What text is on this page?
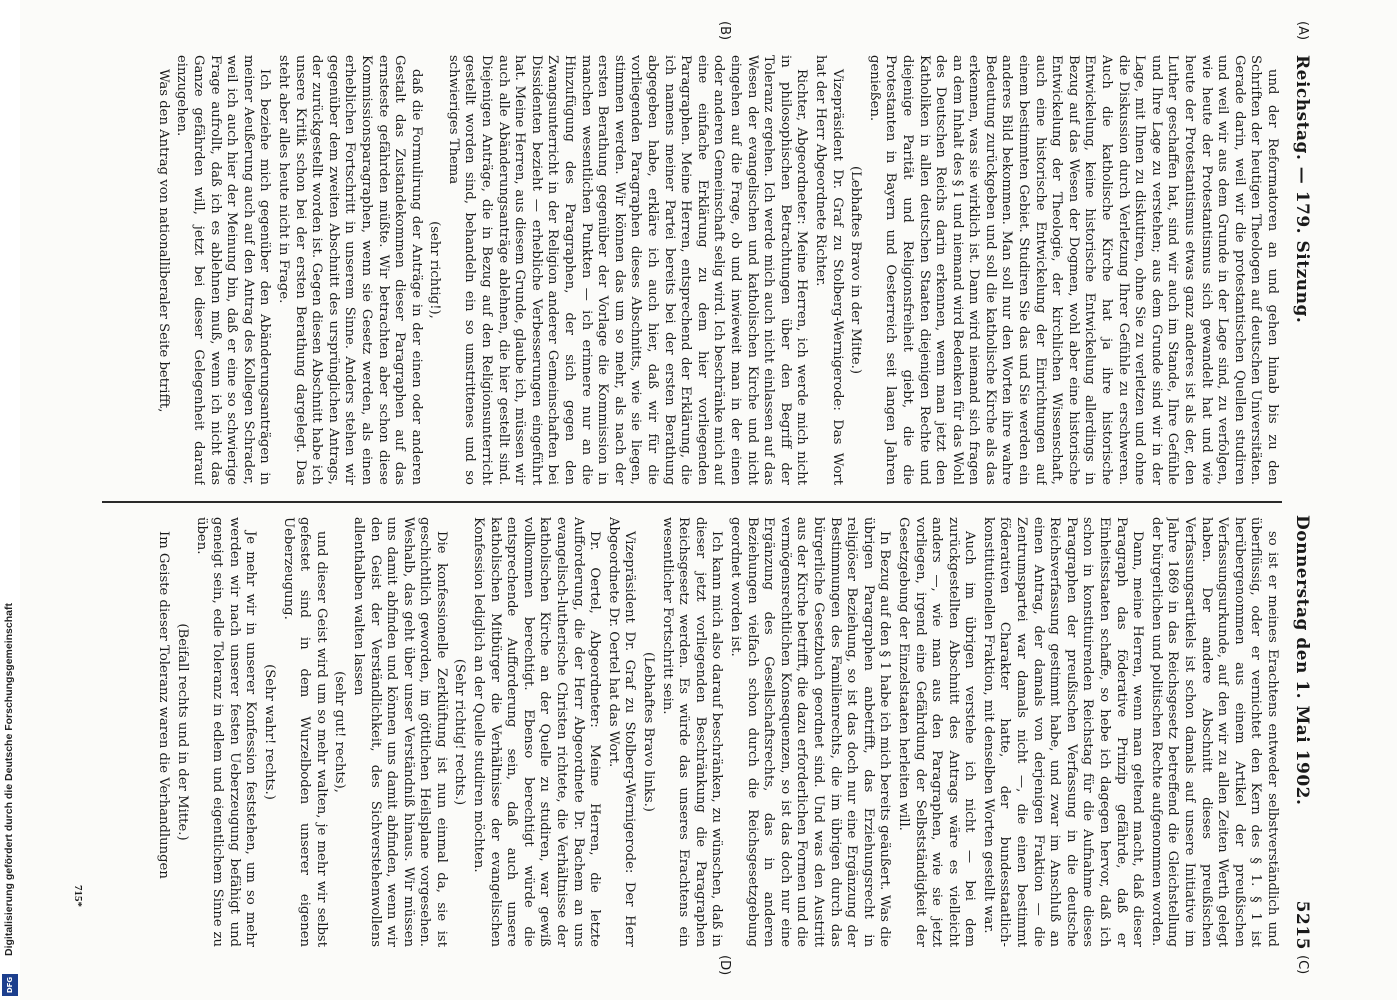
Reichstag. — 179. Sitzung.
Donnerstag den 1. Mai 1902.
5215

und der Reformatoren an und gehen hinab bis zu den Schriften der heutigen Theologen auf deutschen Universitäten. Gerade darin, weil wir die protestantischen Quellen studiren und weil wir aus dem Grunde in der Lage sind, zu verfolgen, wie heute der Protestantismus sich gewandelt hat und wie heute der Protestantismus etwas ganz anderes ist als der, den Luther geschaffen hat, sind wir auch im Stande, Ihre Gefühle und Ihre Lage zu verstehen; aus dem Grunde sind wir in der Lage, mit Ihnen zu diskutiren, ohne Sie zu verletzen und ohne die Diskussion durch Verletzung Ihrer Gefühle zu erschweren. Auch die katholische Kirche hat ja ihre historische Entwickelung, keine historische Entwickelung allerdings in Bezug auf das Wesen der Dogmen, wohl aber eine historische Entwickelung der Theologie, der kirchlichen Wissenschaft, auch eine historische Entwickelung der Einrichtungen auf einem bestimmten Gebiet. Studiren Sie das und Sie werden ein anderes Bild bekommen. Man soll nur den Worten ihre wahre Bedeutung zurückgeben und soll die katholische Kirche als das erkennen, was sie wirklich ist. Dann wird niemand sich fragen an dem Inhalt des § 1 und niemand wird Bedenken für das Wohl des Deutschen Reichs darin erkennen, wenn man jetzt den Katholiken in allen deutschen Staaten diejenigen Rechte und diejenige Parität und Religionsfreiheit giebt, die die Protestanten in Bayern und Oesterreich seit langen Jahren genießen.

(Lebhaftes Bravo in der Mitte.)

Vizepräsident Dr. Graf zu Stolberg-Wernigerode: Das Wort hat der Herr Abgeordnete Richter.

Richter, Abgeordneter: Meine Herren, ich werde mich nicht in philosophischen Betrachtungen über den Begriff der Toleranz ergehen. Ich werde mich auch nicht einlassen auf das Wesen der evangelischen und katholischen Kirche und nicht eingehen auf die Frage, ob und inwieweit man in der einen oder anderen Gemeinschaft selig wird. Ich beschränke mich auf eine einfache Erklärung zu dem hier vorliegenden Paragraphen. Meine Herren, entsprechend der Erklärung, die ich namens meiner Partei bereits bei der ersten Berathung abgegeben habe, erkläre ich auch hier, daß wir für die vorliegenden Paragraphen dieses Abschnitts, wie sie liegen, stimmen werden. Wir können das um so mehr, als nach der ersten Berathung gegenüber der Vorlage die Kommission in manchen wesentlichen Punkten — ich erinnere nur an die Hinzufügung des Paragraphen, der sich gegen den Zwangsunterricht in der Religion anderer Gemeinschaften bei Dissidenten bezieht — erhebliche Verbesserungen eingeführt hat. Meine Herren, aus diesem Grunde, glaube ich, müssen wir auch alle Abänderungsanträge ablehnen, die hier gestellt sind. Diejenigen Anträge, die in Bezug auf den Religionsunterricht gestellt worden sind, behandeln ein so umstrittenes und so schwieriges Thema

(sehr richtig!),

daß die Formulirung der Anträge in der einen oder anderen Gestalt das Zustandekommen dieser Paragraphen auf das ernsteste gefährden müßte. Wir betrachten aber schon diese Kommissionsparagraphen, wenn sie Gesetz werden, als einen erheblichen Fortschritt in unserem Sinne. Anders stehen wir gegenüber dem zweiten Abschnitt des ursprünglichen Antrags, der zurückgestellt worden ist. Gegen diesen Abschnitt habe ich unsere Kritik schon bei der ersten Berathung dargelegt. Das steht aber alles heute nicht in Frage.

Ich beziehe mich gegenüber den Abänderungsanträgen in meiner Aeußerung auch auf den Antrag des Kollegen Schrader, weil ich auch hier der Meinung bin, daß er eine so schwierige Frage aufrollt, daß ich es ablehnen muß, wenn ich nicht das Ganze gefährden will, jetzt bei dieser Gelegenheit darauf einzugehen.

Was den Antrag von nationalliberaler Seite betrifft,

so ist er meines Erachtens entweder selbstverständlich und überflüssig, oder er vernichtet den Kern des § 1. § 1 ist herübergenommen aus einem Artikel der preußischen Verfassungsurkunde, auf den wir zu allen Zeiten Werth gelegt haben. Der andere Abschnitt dieses preußischen Verfassungsartikels ist schon damals auf unsere Initiative im Jahre 1869 in das Reichsgesetz betreffend die Gleichstellung der bürgerlichen und politischen Rechte aufgenommen worden.

Dann, meine Herren, wenn man geltend macht, daß dieser Paragraph das föderative Prinzip gefährde, daß er Einheitsstaaten schaffe, so hebe ich dagegen hervor, daß ich schon in konstituirenden Reichstag für die Aufnahme dieses Paragraphen der preußischen Verfassung in die deutsche Reichsverfassung gestimmt habe, und zwar im Anschluß an einen Antrag, der damals von derjenigen Fraktion — die Zentrumspartei war damals nicht —, die einen bestimmt föderativen Charakter hatte, der bundesstaatlich-konstitutionellen Fraktion, mit denselben Worten gestellt war.

Auch im übrigen verstehe ich nicht — bei dem zurückgestellten Abschnitt des Antrags wäre es vielleicht anders —, wie man aus den Paragraphen, wie sie jetzt vorliegen, irgend eine Gefährdung der Selbstständigkeit der Gesetzgebung der Einzelstaaten herleiten will.

In Bezug auf den § 1 habe ich mich bereits geäußert. Was die übrigen Paragraphen anbetrifft, das Erziehungsrecht in religiöser Beziehung, so ist das doch nur eine Ergänzung der Bestimmungen des Familienrechts, die im übrigen durch das bürgerliche Gesetzbuch geordnet sind. Und was den Austritt aus der Kirche betrifft, die dazu erforderlichen Formen und die vermögensrechtlichen Konsequenzen, so ist das doch nur eine Ergänzung des Gesellschaftsrechts, das in anderen Beziehungen vielfach schon durch die Reichsgesetzgebung geordnet worden ist.

Ich kann mich also darauf beschränken, zu wünschen, daß in dieser jetzt vorliegenden Beschränkung die Paragraphen Reichsgesetz werden. Es würde das unseres Erachtens ein wesentlicher Fortschritt sein.

(Lebhaftes Bravo links.)

Vizepräsident Dr. Graf zu Stolberg-Wernigerode: Der Herr Abgeordnete Dr. Oertel hat das Wort.

Dr. Oertel, Abgeordneter: Meine Herren, die letzte Aufforderung, die der Herr Abgeordnete Dr. Bachem an uns evangelisch-lutherische Christen richtete, die Verhältnisse der katholischen Kirche an der Quelle zu studiren, war gewiß vollkommen berechtigt. Ebenso berechtigt würde die entsprechende Aufforderung sein, daß auch unsere katholischen Mitbürger die Verhältnisse der evangelischen Konfession lediglich an der Quelle studiren möchten.

(Sehr richtig! rechts.)

Die konfessionelle Zerklüftung ist nun einmal da, sie ist geschichtlich geworden, im göttlichen Heilsplane vorgesehen. Weshalb, das geht über unser Verständniß hinaus. Wir müssen uns damit abfinden und können uns damit abfinden, wenn wir den Geist der Verständlichkeit, des Sichverstehenwollens allenthalben walten lassen

(sehr gut! rechts),

und dieser Geist wird um so mehr walten, je mehr wir selbst gefestet sind in dem Wurzelboden unserer eigenen Ueberzeugung.

(Sehr wahr! rechts.)

Je mehr wir in unserer Konfession feststehen, um so mehr werden wir nach unserer festen Ueberzeugung befähigt und geneigt sein, edle Toleranz in edlem und eigentlichem Sinne zu üben.

(Beifall rechts und in der Mitte.)

Im Geiste dieser Toleranz waren die Verhandlungen

(A)
(B)
(C)
(D)
715*
Digitalisierung gefördert durch die Deutsche Forschungsgemeinschaft
DFG
